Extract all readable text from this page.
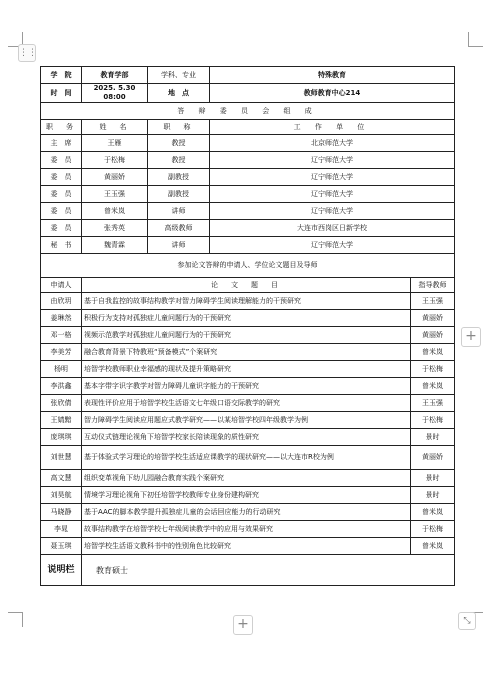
⋮⋮
+
+	⤡
学　院	教育学部	学科、专业	特殊教育	
时　间	2025. 5.30　08:00	地　点	教师教育中心214	
答 辩 委 员 会 组 成				
职　务	姓　名	职　称	工 作 单 位	
主　席	王雁	教授	北京师范大学	
委　员	于松梅	教授	辽宁师范大学	
委　员	黄丽娇	副教授	辽宁师范大学	
委　员	王玉强	副教授	辽宁师范大学	
委　员	曾米岚	讲师	辽宁师范大学	
委　员	张秀英	高级教师	大连市西岗区日新学校	
秘　书	魏青霖	讲师	辽宁师范大学	
参加论文答辩的申请人、学位论文题目及导师				
申请人	论　文　题　目			指导教师
由欣玥	基于自我监控的故事结构教学对智力障碍学生阅读理解能力的干预研究			王玉强
姜琳然	积极行为支持对孤独症儿童问题行为的干预研究			黄丽娇
邓一格	视频示范教学对孤独症儿童问题行为的干预研究			黄丽娇
李美芳	融合教育背景下特教班“预备模式”个案研究			曾米岚
杨明	培智学校教师职业幸福感的现状及提升策略研究			于松梅
李洪鑫	基本字带字识字教学对智力障碍儿童识字能力的干预研究			曾米岚
张欣倩	表现性评价应用于培智学校生活语文七年级口语交际教学的研究			王玉强
王婧黯	智力障碍学生阅读应用题应式教学研究——以某培智学校四年级教学为例			于松梅
庞琪琪	互动仪式链理论视角下培智学校家长陪读现象的质性研究			景时
刘世慧	基于体验式学习理论的培智学校生活适应课教学的现状研究——以大连市R校为例			黄丽娇
高文慧	组织变革视角下幼儿园融合教育实践个案研究			景时
刘昊航	情境学习理论视角下初任培智学校教师专业身份建构研究			景时
马晓静	基于AAC的脚本教学提升孤独症儿童的会话回应能力的行动研究			曾米岚
李晁	故事结构教学在培智学校七年级阅读教学中的应用与效果研究			于松梅
聂玉琪	培智学校生活语文教科书中的性别角色比较研究			曾米岚
说明栏	教育硕士			
